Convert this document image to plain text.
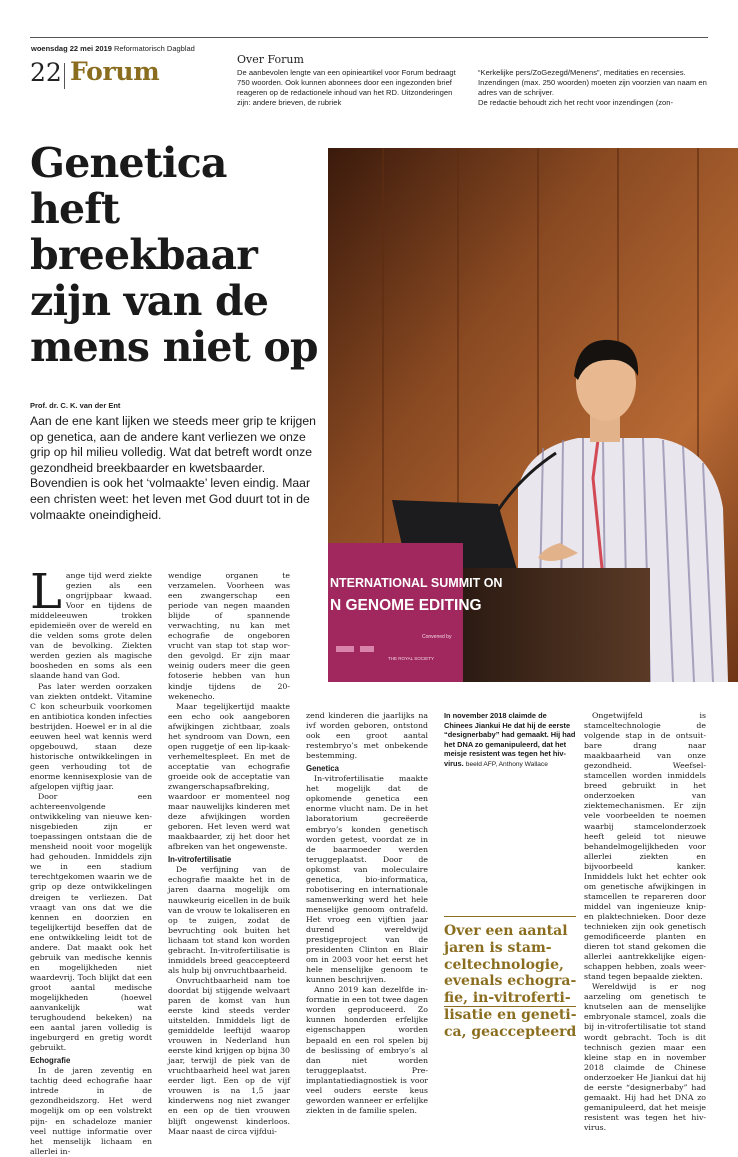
woensdag 22 mei 2019 Reformatorisch Dagblad
22 Forum	Over Forum
De aanbevolen lengte van een opinieartikel voor Forum bedraagt 750 woorden. Ook kunnen abonnees door een ingezonden brief reageren op de redactionele inhoud van het RD. Uitzonderingen zijn: andere brieven, de rubriek
“Kerkelijke pers/ZoGezegd/Menens”, meditaties en recensies. Inzendingen (max. 250 woorden) moeten zijn voorzien van naam en adres van de schrijver.
De redactie behoudt zich het recht voor inzendingen (zon-
Genetica heft breekbaar zijn van de mens niet op
NTERNATIONAL SUMMIT ON
N GENOME EDITING
Convened by
THE ROYAL SOCIETY
Prof. dr. C. K. van der Ent
Aan de ene kant lijken we steeds meer grip te krijgen op genetica, aan de andere kant verliezen we onze grip op hil milieu volledig. Wat dat betreft wordt onze gezondheid breekbaarder en kwetsbaarder. Bovendien is ook het ‘volmaakte’ leven eindig. Maar een christen weet: het leven met God duurt tot in de volmaakte oneindigheid.
L ange tijd werd ziekte gezien als een ongrijpbaar kwaad. Voor en tijdens de middeleeuwen trokken epidemieën over de wereld en die velden soms grote delen van de bevolking. Ziekten werden gezien als magische boosheden en soms als een slaande hand van God.

Pas later werden oorzaken van ziekten ontdekt. Vitamine C kon scheurbuik voorkomen en antibiotica konden infecties bestrijden. Hoewel er in al die eeuwen heel wat kennis werd opgebouwd, staan deze historische ontwikkelingen in geen verhouding tot de enorme kennisexplosie van de afgelopen vijftig jaar.

Door een achtereenvolgende ontwikkeling van nieuwe kennisgebieden zijn er toepassingen ontstaan die de mensheid nooit voor mogelijk had gehouden. Inmiddels zijn we in een stadium terechtgekomen waarin we de grip op deze ontwikkelingen dreigen te verliezen. Dat vraagt van ons dat we die kennen en doorzien en tegelijkertijd beseffen dat de ene ontwikkeling leidt tot de andere. Dat maakt ook het gebruik van medische kennis en mogelijkheden niet waardevrij. Toch blijkt dat een groot aantal medische mogelijkheden (hoewel aanvankelijk wat terughoudend bekeken) na een aantal jaren volledig is ingeburgerd en gretig wordt gebruikt.

Echografie

In de jaren zeventig en tachtig deed echografie haar intrede in de gezondheidszorg. Het werd mogelijk om op een volstrekt pijn- en schadeloze manier veel nuttige informatie over het menselijk lichaam en allerlei in-

wendige organen te verzamelen. Voorheen was een zwangerschap een periode van negen maanden blijde of spannende verwachting, nu kan met echografie de ongeboren vrucht van stap tot stap worden gevolgd. Er zijn maar weinig ouders meer die geen fotoserie hebben van hun kindje tijdens de 20-wekenecho.

Maar tegelijkertijd maakte een echo ook aangeboren afwijkingen zichtbaar, zoals het syndroom van Down, een open ruggetje of een lip-kaak-verhemeltespleet. En met de acceptatie van echografie groeide ook de acceptatie van zwangerschapsafbreking, waardoor er momenteel nog maar nauwelijks kinderen met deze afwijkingen worden geboren. Het leven werd wat maakbaarder, zij het door het afbreken van het ongewenste.

In-vitrofertilisatie

De verfijning van de echografie maakte het in de jaren daarna mogelijk om nauwkeurig eicellen in de buik van de vrouw te lokaliseren en op te zuigen, zodat de bevruchting ook buiten het lichaam tot stand kon worden gebracht. In-vitrofertilisatie is inmiddels breed geaccepteerd als hulp bij onvruchtbaarheid.

Onvruchtbaarheid nam toe doordat bij stijgende welvaart paren de komst van hun eerste kind steeds verder uitstelden. Inmiddels ligt de gemiddelde leeftijd waarop vrouwen in Nederland hun eerste kind krijgen op bijna 30 jaar, terwijl de piek van de vruchtbaarheid heel wat jaren eerder ligt. Een op de vijf vrouwen is na 1,5 jaar kinderwens nog niet zwanger en een op de tien vrouwen blijft ongewenst kinderloos. Maar naast de circa vijfdui-

zend kinderen die jaarlijks na ivf worden geboren, ontstond ook een groot aantal restembryo’s met onbekende bestemming.

Genetica

In-vitrofertilisatie maakte het mogelijk dat de opkomende genetica een enorme vlucht nam. De in het laboratorium gecreëerde embryo’s konden genetisch worden getest, voordat ze in de baarmoeder werden teruggeplaatst. Door de opkomst van moleculaire genetica, bio-informatica, robotisering en internationale samenwerking werd het hele menselijke genoom ontrafeld. Het vroeg een vijftien jaar durend wereldwijd prestigeproject van de presidenten Clinton en Blair om in 2003 voor het eerst het hele menselijke genoom te kunnen beschrijven.

Anno 2019 kan dezelfde informatie in een tot twee dagen worden geproduceerd. Zo kunnen honderden erfelijke eigenschappen worden bepaald en een rol spelen bij de beslissing of embryo’s al dan niet worden teruggeplaatst. Pre-implantatiediagnostiek is voor veel ouders eerste keus geworden wanneer er erfelijke ziekten in de familie spelen.

In november 2018 claimde de Chinees Jiankui He dat hij de eerste “designerbaby” had gemaakt. Hij had het DNA zo gemanipuleerd, dat het meisje resistent was tegen het hiv-virus. beeld AFP, Anthony Wallace
Over een aantal jaren is stamceltechnologie, evenals echografie, in-vitrofertilisatie en genetica, geaccepteerd

Ongetwijfeld is stamceltechnologie de volgende stap in de ontsuitbare drang naar maakbaarheid van onze gezondheid. Weefselstamcellen worden inmiddels breed gebruikt in het onderzoeken van ziektemechanismen. Er zijn vele voorbeelden te noemen waarbij stamcelonderzoek heeft geleid tot nieuwe behandelmogelijkheden voor allerlei ziekten en bijvoorbeeld kanker. Inmiddels lukt het echter ook om genetische afwijkingen in stamcellen te repareren door middel van ingenieuze knip- en plaktechnieken. Door deze technieken zijn ook genetisch gemodificeerde planten en dieren tot stand gekomen die allerlei aantrekkelijke eigenschappen hebben, zoals weerstand tegen bepaalde ziekten.

Wereldwijd is er nog aarzeling om genetisch te knutselen aan de menselijke embryonale stamcel, zoals die bij in-vitrofertilisatie tot stand wordt gebracht. Toch is dit technisch gezien maar een kleine stap en in november 2018 claimde de Chinese onderzoeker He Jiankui dat hij de eerste “designerbaby” had gemaakt. Hij had het DNA zo gemanipuleerd, dat het meisje resistent was tegen het hiv-virus.
